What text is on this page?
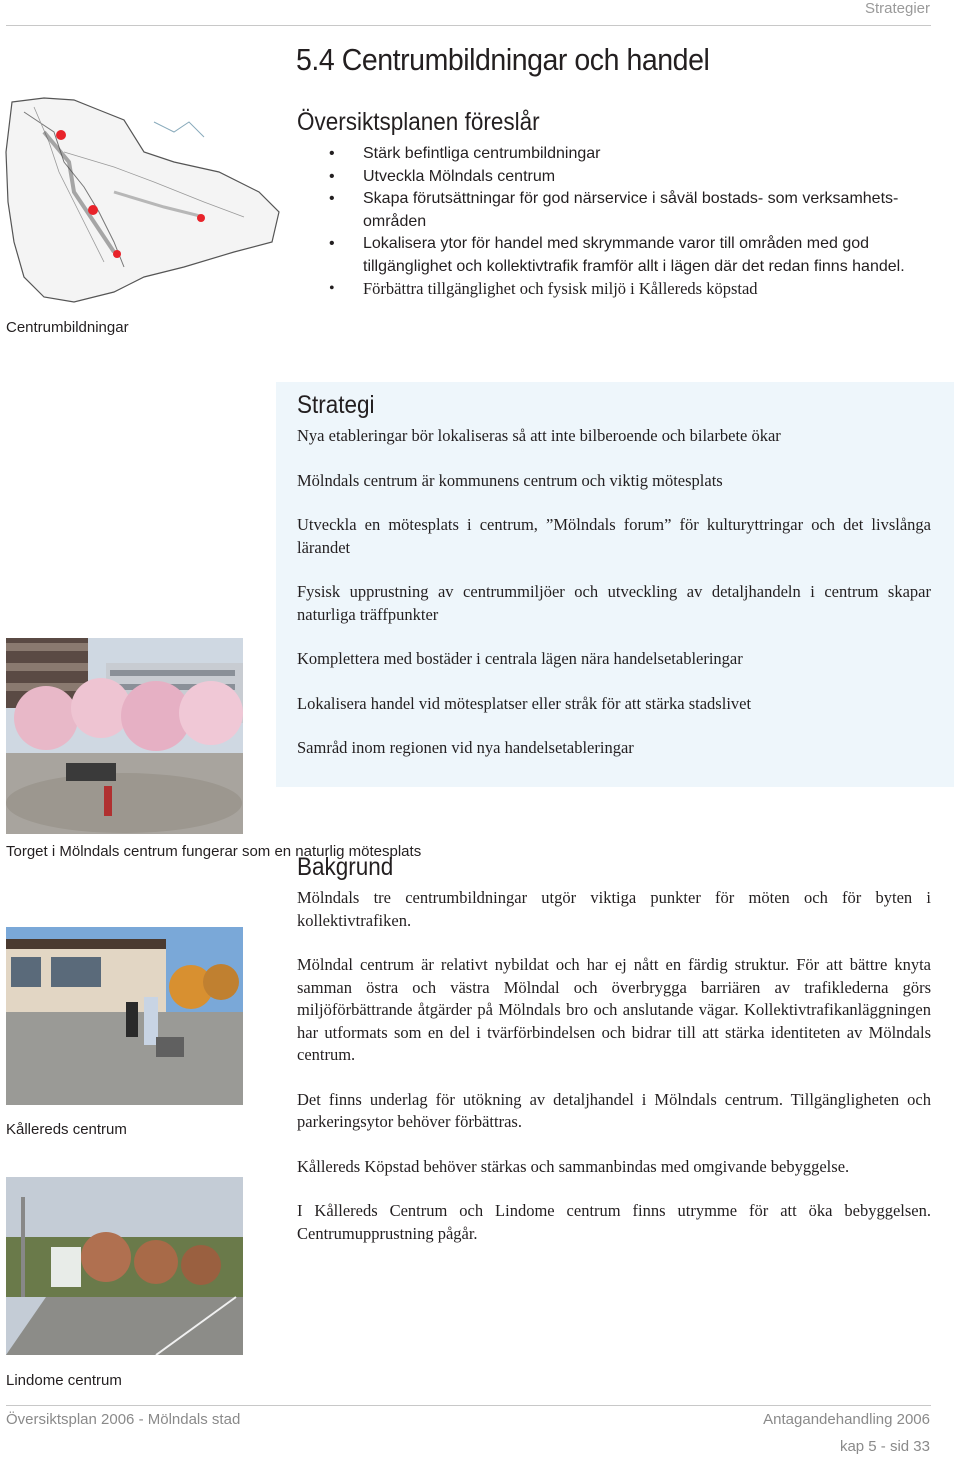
Strategier
5.4 Centrumbildningar och handel
Centrumbildningar
Översiktsplanen föreslår
• Stärk befintliga centrumbildningar
• Utveckla Mölndals centrum
• Skapa förutsättningar för god närservice i såväl bostads- som verksamhets-områden
• Lokalisera ytor för handel med skrymmande varor till områden med god tillgänglighet och kollektivtrafik framför allt i lägen där det redan finns handel.
• Förbättra tillgänglighet och fysisk miljö i Kållereds köpstad
Strategi

Nya etableringar bör lokaliseras så att inte bilberoende och bilarbete ökar

Mölndals centrum är kommunens centrum och viktig mötesplats

Utveckla en mötesplats i centrum, ”Mölndals forum” för kulturyttringar och det livslånga lärandet

Fysisk upprustning av centrummiljöer och utveckling av detaljhandeln i centrum skapar naturliga träffpunkter

Komplettera med bostäder i centrala lägen nära handelsetableringar

Lokalisera handel vid mötesplatser eller stråk för att stärka stadslivet

Samråd inom regionen vid nya handelsetableringar

Torget i Mölndals centrum fungerar som en naturlig mötesplats
Kållereds centrum
Lindome centrum
Bakgrund

Mölndals tre centrumbildningar utgör viktiga punkter för möten och för byten i kollektivtrafiken.

Mölndal centrum är relativt nybildat och har ej nått en färdig struktur. För att bättre knyta samman östra och västra Mölndal och överbrygga barriären av trafiklederna görs miljöförbättrande åtgärder på Mölndals bro och anslutande vägar. Kollektivtrafikanläggningen har utformats som en del i tvärförbindelsen och bidrar till att stärka identiteten av Mölndals centrum.

Det finns underlag för utökning av detaljhandel i Mölndals centrum. Tillgängligheten och parkeringsytor behöver förbättras.

Kållereds Köpstad behöver stärkas och sammanbindas med omgivande bebyggelse.

I Kållereds Centrum och Lindome centrum finns utrymme för att öka bebyggelsen. Centrumupprustning pågår.

Översiktsplan 2006 - Mölndals stad	Antagandehandling 2006
kap 5 - sid 33
